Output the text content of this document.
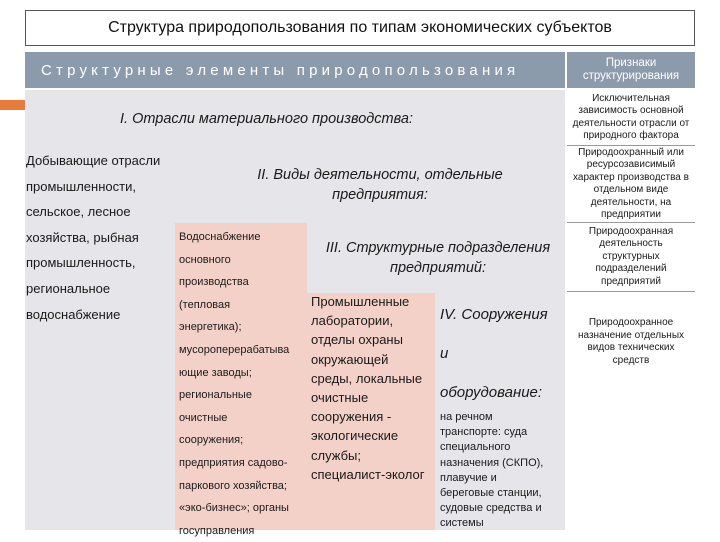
Структура природопользования по типам экономических субъектов
Структурные элементы природопользования	Признаки структурирования
I. Отрасли материального производства:
II. Виды деятельности, отдельные предприятия:
III. Структурные подразделения предприятий:
IV. Сооружения
и
оборудование:
Добывающие отрасли
промышленности,
сельское, лесное
хозяйства, рыбная
промышленность,
региональное
водоснабжение
Водоснабжение
основного
производства
(тепловая
энергетика);
мусороперерабатыва
ющие заводы;
региональные
очистные
сооружения;
предприятия садово-
паркового хозяйства;
«эко-бизнес»; органы
госуправления
Промышленные
лаборатории,
отделы охраны
окружающей
среды, локальные
очистные
сооружения -
экологические
службы;
специалист-эколог
на речном
транспорте: суда
специального
назначения (СКПО),
плавучие и
береговые станции,
судовые средства и
системы
Исключительная зависимость основной деятельности отрасли от природного фактора
Природоохранный или ресурсозависимый характер производства в отдельном виде деятельности, на предприятии
Природоохранная деятельность структурных подразделений предприятий
Природоохранное назначение отдельных видов технических средств
